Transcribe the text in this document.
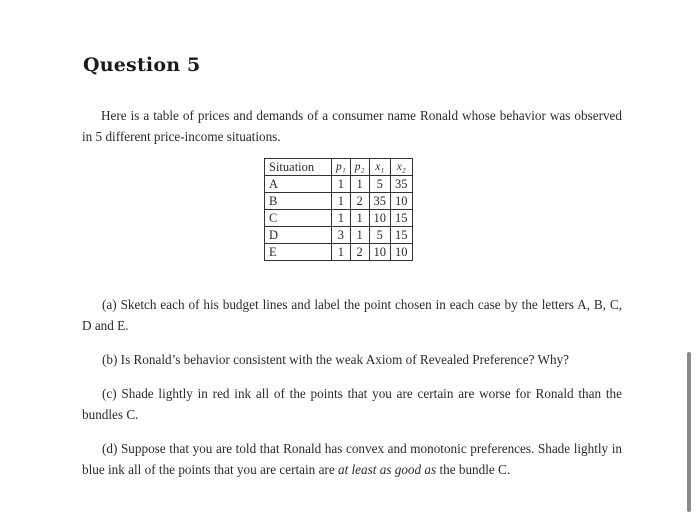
Question 5
Here is a table of prices and demands of a consumer name Ronald whose behavior was observed in 5 different price-income situations.
Situation	p₁	p₂	x₁	x₂
A	1	1	5	35
B	1	2	35	10
C	1	1	10	15
D	3	1	5	15
E	1	2	10	10
(a) Sketch each of his budget lines and label the point chosen in each case by the letters A, B, C, D and E.
(b) Is Ronald’s behavior consistent with the weak Axiom of Revealed Preference? Why?
(c) Shade lightly in red ink all of the points that you are certain are worse for Ronald than the bundles C.
(d) Suppose that you are told that Ronald has convex and monotonic preferences. Shade lightly in blue ink all of the points that you are certain are at least as good as the bundle C.
